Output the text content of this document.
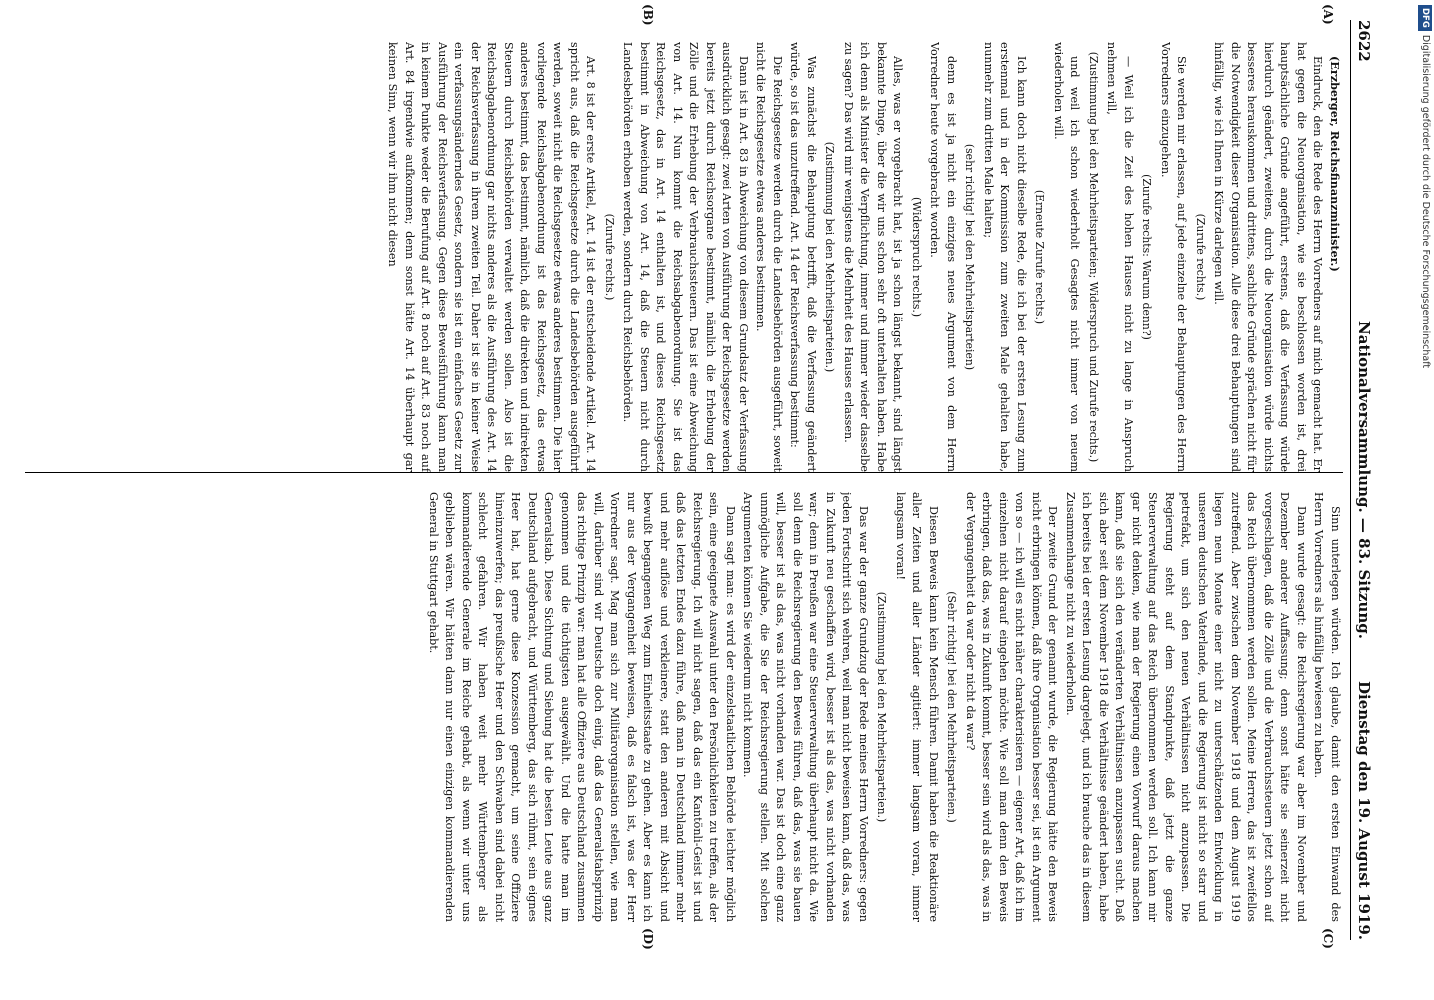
2622
Nationalversammlung. — 83. Sitzung.
Dienstag den 19. August 1919.
(A)
(B)
(C)
(D)

(Erzberger, Reichsfinanzminister.)

Eindruck, den die Rede des Herrn Vorredners auf mich gemacht hat. Er hat gegen die Neuorganisation, wie sie beschlossen worden ist, drei hauptsächliche Gründe angeführt, erstens, daß die Verfassung würde hierdurch geändert, zweitens, durch die Neuorganisation würde nichts besseres herauskommen und drittens, sachliche Gründe sprächen nicht für die Notwendigkeit dieser Organisation. Alle diese drei Behauptungen sind hinfällig, wie ich Ihnen in Kürze darlegen will.

(Zurufe rechts.)

Sie werden mir erlassen, auf jede einzelne der Behauptungen des Herrn Vorredners einzugehen.

(Zurufe rechts: Warum denn?)

— Weil ich die Zeit des hohen Hauses nicht zu lange in Anspruch nehmen will,

(Zustimmung bei den Mehrheitsparteien; Widerspruch und Zurufe rechts.)

und weil ich schon wiederholt Gesagtes nicht immer von neuem wiederholen will.

(Erneute Zurufe rechts.)

Ich kann doch nicht dieselbe Rede, die ich bei der ersten Lesung zum erstenmal und in der Kommission zum zweiten Male gehalten habe, nunmehr zum dritten Male halten;

(sehr richtig! bei den Mehrheitsparteien)

denn es ist ja nicht ein einziges neues Argument von dem Herrn Vorredner heute vorgebracht worden.

(Widerspruch rechts.)

Alles, was er vorgebracht hat, ist ja schon längst bekannt, sind längst bekannte Dinge, über die wir uns schon sehr oft unterhalten haben. Habe ich denn als Minister die Verpflichtung, immer und immer wieder dasselbe zu sagen? Das wird mir wenigstens die Mehrheit des Hauses erlassen.

(Zustimmung bei den Mehrheitsparteien.)

Was zunächst die Behauptung betrifft, daß die Verfassung geändert würde, so ist das unzutreffend. Art. 14 der Reichsverfassung bestimmt:

Die Reichsgesetze werden durch die Landesbehörden ausgeführt, soweit nicht die Reichsgesetze etwas anderes bestimmen.

Dann ist in Art. 83 in Abweichung von diesem Grundsatz der Verfassung ausdrücklich gesagt: zwei Arten von Ausführung der Reichsgesetze werden bereits jetzt durch Reichsorgane bestimmt, nämlich die Erhebung der Zölle und die Erhebung der Verbrauchssteuern. Das ist eine Abweichung von Art. 14. Nun kommt die Reichsabgabenordnung. Sie ist das Reichsgesetz, das in Art. 14 enthalten ist, und dieses Reichsgesetz bestimmt in Abweichung von Art. 14, daß die Steuern nicht durch Landesbehörden erhoben werden, sondern durch Reichsbehörden.

(Zurufe rechts.)

Art. 8 ist der erste Artikel, Art. 14 ist der entscheidende Artikel. Art. 14 spricht aus, daß die Reichsgesetze durch die Landesbehörden ausgeführt werden, soweit nicht die Reichsgesetze etwas anderes bestimmen. Die hier vorliegende Reichsabgabenordnung ist das Reichsgesetz, das etwas anderes bestimmt, das bestimmt, nämlich, daß die direkten und indirekten Steuern durch Reichsbehörden verwaltet werden sollen. Also ist die Reichsabgabenordnung gar nichts anderes als die Ausführung des Art. 14 der Reichsverfassung in ihrem zweiten Teil. Daher ist sie in keiner Weise ein verfassungsänderndes Gesetz, sondern sie ist ein einfaches Gesetz zur Ausführung der Reichsverfassung. Gegen diese Beweisführung kann man in keinem Punkte weder die Berufung auf Art. 8 noch auf Art. 83 noch auf Art. 84 irgendwie aufkommen; denn sonst hätte Art. 14 überhaupt gar keinen Sinn, wenn wir ihm nicht diesen

Sinn unterlegen würden. Ich glaube, damit den ersten Einwand des Herrn Vorredners als hinfällig bewiesen zu haben.

Dann wurde gesagt: die Reichsregierung war aber im November und Dezember anderer Auffassung; denn sonst hätte sie seinerzeit nicht vorgeschlagen, daß die Zölle und die Verbrauchssteuern jetzt schon auf das Reich übernommen werden sollen. Meine Herren, das ist zweifellos zutreffend. Aber zwischen dem November 1918 und dem August 1919 liegen neun Monate einer nicht zu unterschätzenden Entwicklung in unserem deutschen Vaterlande, und die Regierung ist nicht so starr und petrefakt, um sich den neuen Verhältnissen nicht anzupassen. Die Regierung steht auf dem Standpunkte, daß jetzt die ganze Steuerverwaltung auf das Reich übernommen werden soll. Ich kann mir gar nicht denken, wie man der Regierung einen Vorwurf daraus machen kann, daß sie sich den veränderten Verhältnissen anzupassen sucht. Daß sich aber seit dem November 1918 die Verhältnisse geändert haben, habe ich bereits bei der ersten Lesung dargelegt, und ich brauche das in diesem Zusammenhange nicht zu wiederholen.

Der zweite Grund der genannt wurde, die Regierung hätte den Beweis nicht erbringen können, daß ihre Organisation besser sei, ist ein Argument von so — ich will es nicht näher charakterisieren — eigener Art, daß ich im einzelnen nicht darauf eingehen möchte. Wie soll man denn den Beweis erbringen, daß das, was in Zukunft kommt, besser sein wird als das, was in der Vergangenheit da war oder nicht da war?

(Sehr richtig! bei den Mehrheitsparteien.)

Diesen Beweis kann kein Mensch führen. Damit haben die Reaktionäre aller Zeiten und aller Länder agitiert: immer langsam voran, immer langsam voran!

(Zustimmung bei den Mehrheitsparteien.)

Das war der ganze Grundzug der Rede meines Herrn Vorredners: gegen jeden Fortschritt sich wehren, weil man nicht beweisen kann, daß das, was in Zukunft neu geschaffen wird, besser ist als das, was nicht vorhanden war; denn in Preußen war eine Steuerverwaltung überhaupt nicht da. Wie soll denn die Reichsregierung den Beweis führen, daß das, was sie bauen will, besser ist als das, was nicht vorhanden war. Das ist doch eine ganz unmögliche Aufgabe, die Sie der Reichsregierung stellen. Mit solchen Argumenten können Sie wiederum nicht kommen.

Dann sagt man: es wird der einzelstaatlichen Behörde leichter möglich sein, eine geeignete Auswahl unter den Persönlichkeiten zu treffen, als der Reichsregierung. Ich will nicht sagen, daß das ein Kantönli-Geist ist und daß das letzten Endes dazu führe, daß man in Deutschland immer mehr und mehr auflöse und verkleinere, statt den anderen mit Absicht und bewußt begangenen Weg zum Einheitsstaate zu gehen. Aber es kann ich nur aus der Vergangenheit beweisen, daß es falsch ist, was der Herr Vorredner sagt. Mag man sich zur Militärorganisation stellen, wie man will, darüber sind wir Deutsche doch einig, daß das Generalstabsprinzip das richtige Prinzip war: man hat alle Offiziere aus Deutschland zusammen genommen und die tüchtigsten ausgewählt. Und die hatte man im Generalstab. Diese Sichtung und Siebung hat die besten Leute aus ganz Deutschland aufgebracht, und Württemberg, das sich rühmt, sein eignes Heer hat, hat gerne diese Konzession gemacht, um seine Offiziere hineinzuwerfen; das preußische Heer und den Schwaben sind dabei nicht schlecht gefahren. Wir haben weit mehr Württemberger als kommandierende Generale im Reiche gehabt, als wenn wir unter uns geblieben wären. Wir hätten dann nur einen einzigen kommandierenden General in Stuttgart gehabt.

DFGDigitalisierung gefördert durch die Deutsche Forschungsgemeinschaft
